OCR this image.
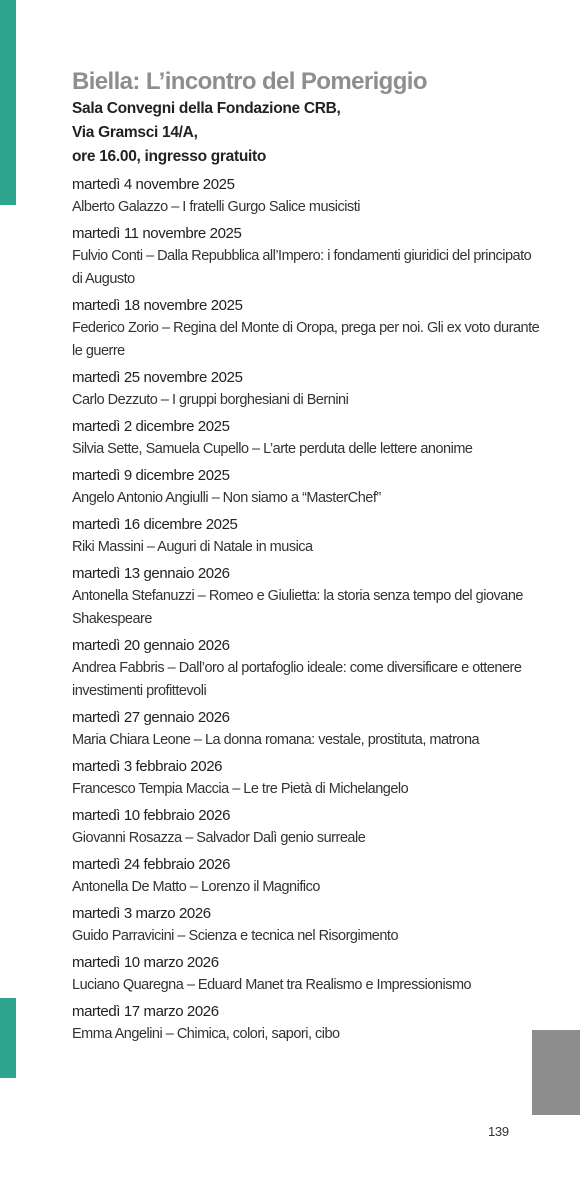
Biella: L’incontro del Pomeriggio
Sala Convegni della Fondazione CRB,
Via Gramsci 14/A,
ore 16.00, ingresso gratuito
martedì 4 novembre 2025
Alberto Galazzo – I fratelli Gurgo Salice musicisti
martedì 11 novembre 2025
Fulvio Conti – Dalla Repubblica all’Impero: i fondamenti giuridici del principato di Augusto
martedì 18 novembre 2025
Federico Zorio – Regina del Monte di Oropa, prega per noi. Gli ex voto durante le guerre
martedì 25 novembre 2025
Carlo Dezzuto – I gruppi borghesiani di Bernini
martedì 2 dicembre 2025
Silvia Sette, Samuela Cupello – L’arte perduta delle lettere anonime
martedì 9 dicembre 2025
Angelo Antonio Angiulli – Non siamo a “MasterChef”
martedì 16 dicembre 2025
Riki Massini – Auguri di Natale in musica
martedì 13 gennaio 2026
Antonella Stefanuzzi – Romeo e Giulietta: la storia senza tempo del giovane Shakespeare
martedì 20 gennaio 2026
Andrea Fabbris – Dall’oro al portafoglio ideale: come diversificare e ottenere investimenti profittevoli
martedì 27 gennaio 2026
Maria Chiara Leone – La donna romana: vestale, prostituta, matrona
martedì 3 febbraio 2026
Francesco Tempia Maccia – Le tre Pietà di Michelangelo
martedì 10 febbraio 2026
Giovanni Rosazza – Salvador Dalì genio surreale
martedì 24 febbraio 2026
Antonella De Matto – Lorenzo il Magnifico
martedì 3 marzo 2026
Guido Parravicini – Scienza e tecnica nel Risorgimento
martedì 10 marzo 2026
Luciano Quaregna – Eduard Manet tra Realismo e Impressionismo
martedì 17 marzo 2026
Emma Angelini – Chimica, colori, sapori, cibo
139
